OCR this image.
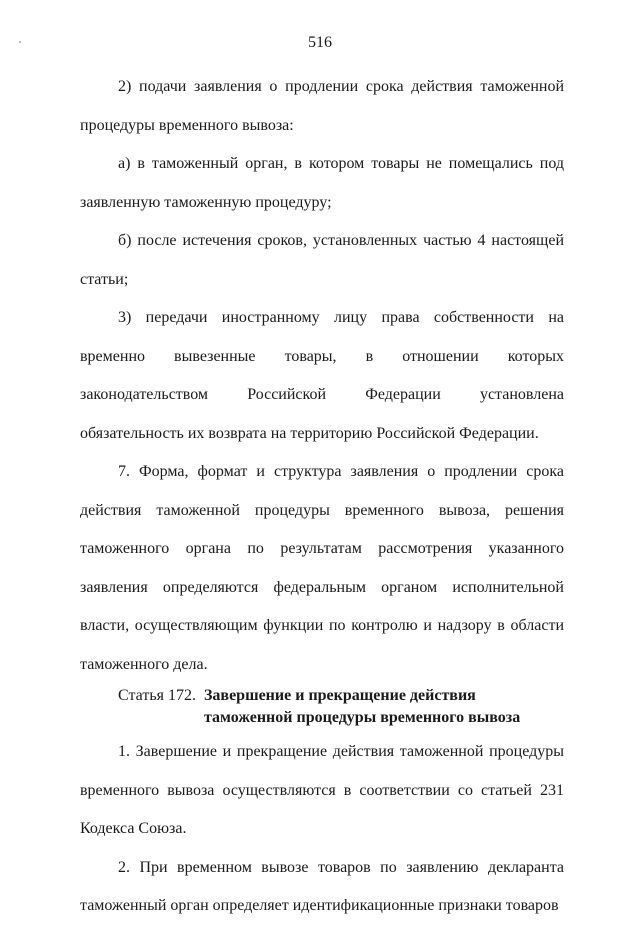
516

2) подачи заявления о продлении срока действия таможенной процедуры временного вывоза:

а) в таможенный орган, в котором товары не помещались под заявленную таможенную процедуру;

б) после истечения сроков, установленных частью 4 настоящей статьи;

3) передачи иностранному лицу права собственности на временно вывезенные товары, в отношении которых законодательством Российской Федерации установлена обязательность их возврата на территорию Российской Федерации.

7. Форма, формат и структура заявления о продлении срока действия таможенной процедуры временного вывоза, решения таможенного органа по результатам рассмотрения указанного заявления определяются федеральным органом исполнительной власти, осуществляющим функции по контролю и надзору в области таможенного дела.

Статья 172. Завершение и прекращение действия таможенной процедуры временного вывоза

1. Завершение и прекращение действия таможенной процедуры временного вывоза осуществляются в соответствии со статьей 231 Кодекса Союза.

2. При временном вывозе товаров по заявлению декларанта таможенный орган определяет идентификационные признаки товаров
